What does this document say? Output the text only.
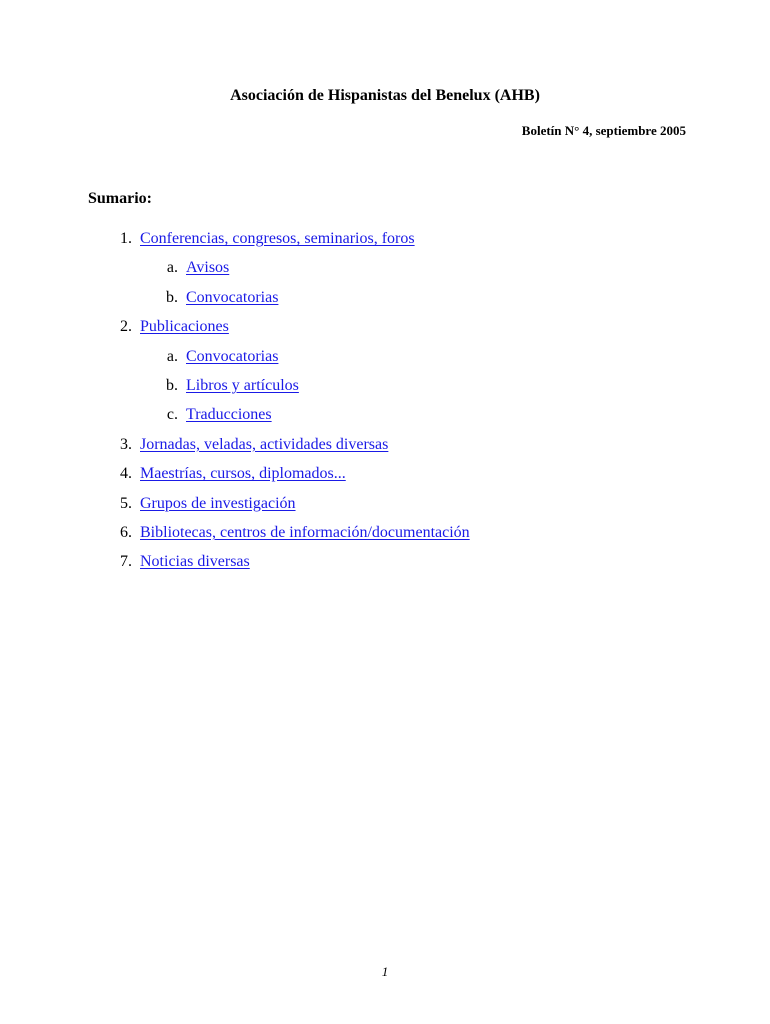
Asociación de Hispanistas del Benelux (AHB)
Boletín N° 4, septiembre 2005
Sumario:
1. Conferencias, congresos, seminarios, foros
a. Avisos
b. Convocatorias
2. Publicaciones
a. Convocatorias
b. Libros y artículos
c. Traducciones
3. Jornadas, veladas, actividades diversas
4. Maestrías, cursos, diplomados...
5. Grupos de investigación
6. Bibliotecas, centros de información/documentación
7. Noticias diversas
1
